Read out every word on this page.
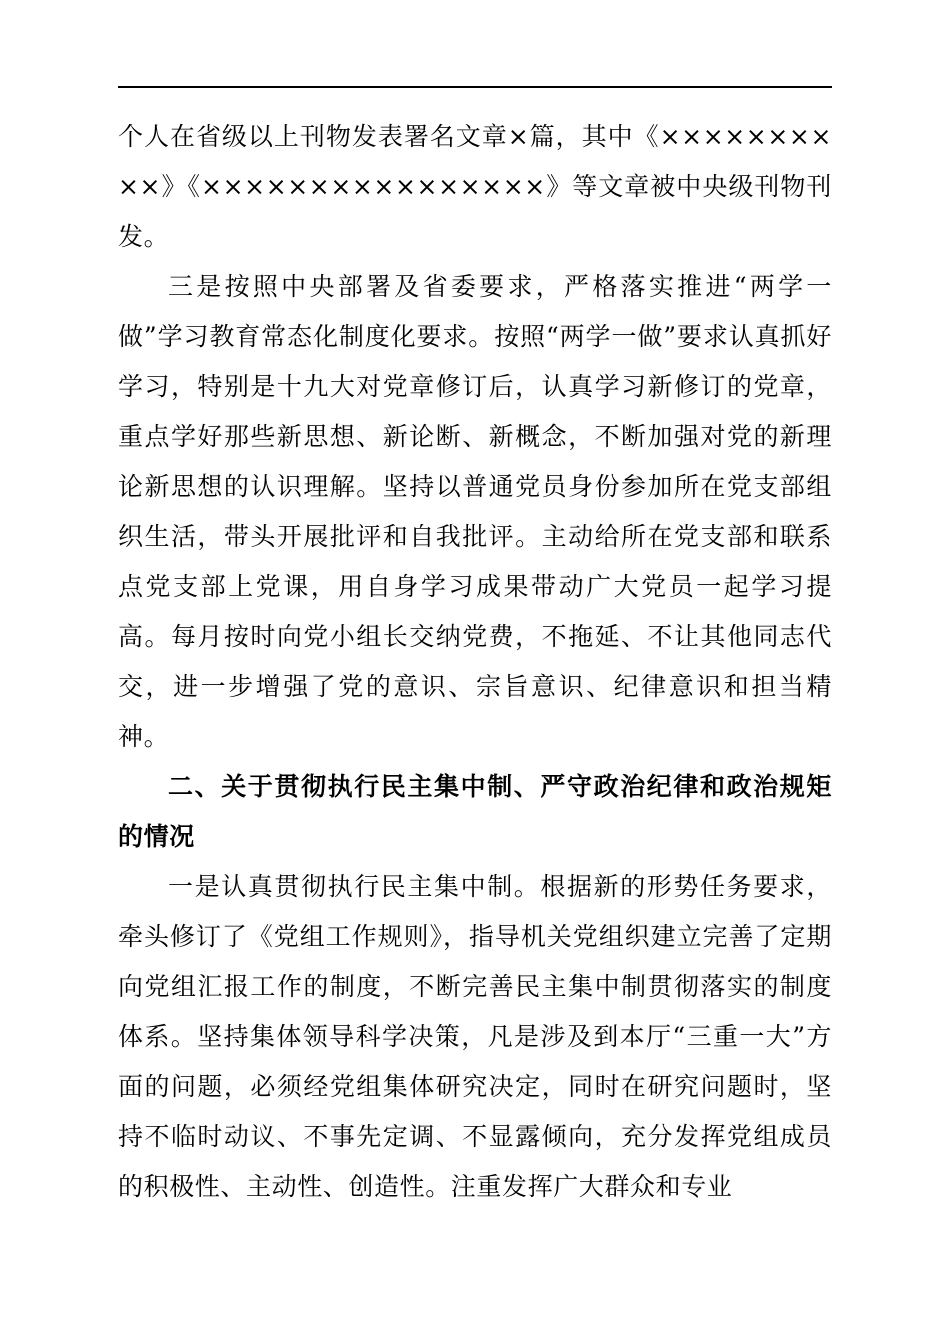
个人在省级以上刊物发表署名文章×篇，其中《××××××××××》《××××××××××××××××》等文章被中央级刊物刊发。

三是按照中央部署及省委要求，严格落实推进“两学一做”学习教育常态化制度化要求。按照“两学一做”要求认真抓好学习，特别是十九大对党章修订后，认真学习新修订的党章，重点学好那些新思想、新论断、新概念，不断加强对党的新理论新思想的认识理解。坚持以普通党员身份参加所在党支部组织生活，带头开展批评和自我批评。主动给所在党支部和联系点党支部上党课，用自身学习成果带动广大党员一起学习提高。每月按时向党小组长交纳党费，不拖延、不让其他同志代交，进一步增强了党的意识、宗旨意识、纪律意识和担当精神。

二、关于贯彻执行民主集中制、严守政治纪律和政治规矩的情况

一是认真贯彻执行民主集中制。根据新的形势任务要求，牵头修订了《党组工作规则》，指导机关党组织建立完善了定期向党组汇报工作的制度，不断完善民主集中制贯彻落实的制度体系。坚持集体领导科学决策，凡是涉及到本厅“三重一大”方面的问题，必须经党组集体研究决定，同时在研究问题时，坚持不临时动议、不事先定调、不显露倾向，充分发挥党组成员的积极性、主动性、创造性。注重发挥广大群众和专业
